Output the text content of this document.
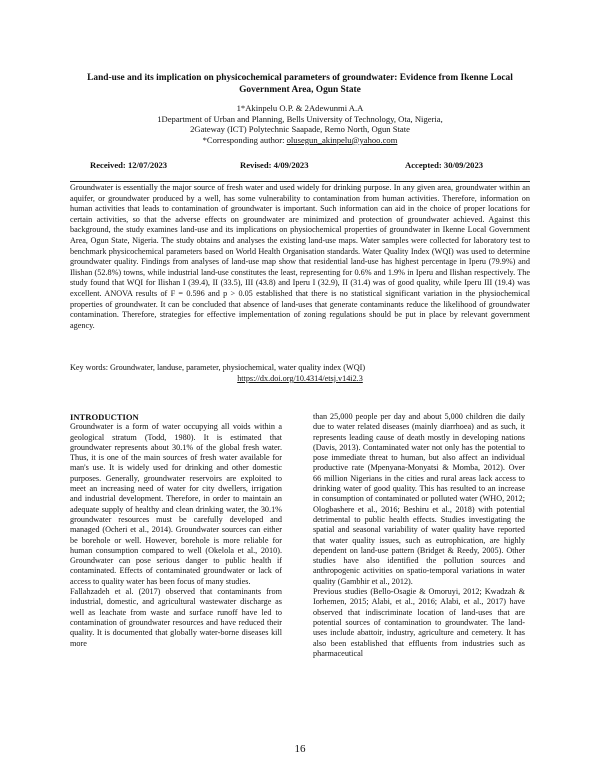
Land-use and its implication on physicochemical parameters of groundwater: Evidence from Ikenne Local
Government Area, Ogun State
1*Akinpelu O.P. & 2Adewunmi A.A
1Department of Urban and Planning, Bells University of Technology, Ota, Nigeria,
2Gateway (ICT) Polytechnic Saapade, Remo North, Ogun State
*Corresponding author: olusegun_akinpelu@yahoo.com
Received: 12/07/2023	Revised: 4/09/2023	Accepted: 30/09/2023
Groundwater is essentially the major source of fresh water and used widely for drinking purpose. In any given area, groundwater within an aquifer, or groundwater produced by a well, has some vulnerability to contamination from human activities. Therefore, information on human activities that leads to contamination of groundwater is important. Such information can aid in the choice of proper locations for certain activities, so that the adverse effects on groundwater are minimized and protection of groundwater achieved. Against this background, the study examines land-use and its implications on physiochemical properties of groundwater in Ikenne Local Government Area, Ogun State, Nigeria. The study obtains and analyses the existing land-use maps. Water samples were collected for laboratory test to benchmark physicochemical parameters based on World Health Organisation standards. Water Quality Index (WQI) was used to determine groundwater quality. Findings from analyses of land-use map show that residential land-use has highest percentage in Iperu (79.9%) and Ilishan (52.8%) towns, while industrial land-use constitutes the least, representing for 0.6% and 1.9% in Iperu and Ilishan respectively. The study found that WQI for Ilishan I (39.4), II (33.5), III (43.8) and Iperu I (32.9), II (31.4) was of good quality, while Iperu III (19.4) was excellent. ANOVA results of F = 0.596 and p > 0.05 established that there is no statistical significant variation in the physiochemical properties of groundwater. It can be concluded that absence of land-uses that generate contaminants reduce the likelihood of groundwater contamination. Therefore, strategies for effective implementation of zoning regulations should be put in place by relevant government agency.
Key words: Groundwater, landuse, parameter, physiochemical, water quality index (WQI)
https://dx.doi.org/10.4314/etsj.v14i2.3

INTRODUCTION

Groundwater is a form of water occupying all voids within a geological stratum (Todd, 1980). It is estimated that groundwater represents about 30.1% of the global fresh water. Thus, it is one of the main sources of fresh water available for man's use. It is widely used for drinking and other domestic purposes. Generally, groundwater reservoirs are exploited to meet an increasing need of water for city dwellers, irrigation and industrial development. Therefore, in order to maintain an adequate supply of healthy and clean drinking water, the 30.1% groundwater resources must be carefully developed and managed (Ocheri et al., 2014). Groundwater sources can either be borehole or well. However, borehole is more reliable for human consumption compared to well (Okelola et al., 2010). Groundwater can pose serious danger to public health if contaminated. Effects of contaminated groundwater or lack of access to quality water has been focus of many studies.

Fallahzadeh et al. (2017) observed that contaminants from industrial, domestic, and agricultural wastewater discharge as well as leachate from waste and surface runoff have led to contamination of groundwater resources and have reduced their quality. It is documented that globally water-borne diseases kill more

than 25,000 people per day and about 5,000 children die daily due to water related diseases (mainly diarrhoea) and as such, it represents leading cause of death mostly in developing nations (Davis, 2013). Contaminated water not only has the potential to pose immediate threat to human, but also affect an individual productive rate (Mpenyana-Monyatsi & Momba, 2012). Over 66 million Nigerians in the cities and rural areas lack access to drinking water of good quality. This has resulted to an increase in consumption of contaminated or polluted water (WHO, 2012; Ologbashere et al., 2016; Beshiru et al., 2018) with potential detrimental to public health effects. Studies investigating the spatial and seasonal variability of water quality have reported that water quality issues, such as eutrophication, are highly dependent on land-use pattern (Bridget & Reedy, 2005). Other studies have also identified the pollution sources and anthropogenic activities on spatio-temporal variations in water quality (Gambhir et al., 2012).

Previous studies (Bello-Osagie & Omoruyi, 2012; Kwadzah & Iorhemen, 2015; Alabi, et al., 2016; Alabi, et al., 2017) have observed that indiscriminate location of land-uses that are potential sources of contamination to groundwater. The land-uses include abattoir, industry, agriculture and cemetery. It has also been established that effluents from industries such as pharmaceutical

16
